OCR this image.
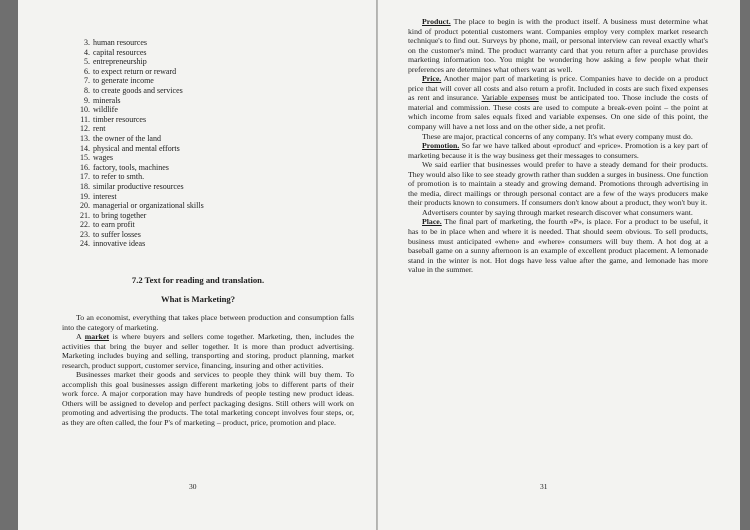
3. human resources
4. capital resources
5. entrepreneurship
6. to expect return or reward
7. to generate income
8. to create goods and services
9. minerals
10. wildlife
11. timber resources
12. rent
13. the owner of the land
14. physical and mental efforts
15. wages
16. factory, tools, machines
17. to refer to smth.
18. similar productive resources
19. interest
20. managerial or organizational skills
21. to bring together
22. to earn profit
23. to suffer losses
24. innovative ideas
7.2 Text for reading and translation.
What is Marketing?

To an economist, everything that takes place between production and consumption falls into the category of marketing.

A market is where buyers and sellers come together. Marketing, then, includes the activities that bring the buyer and seller together. It is more than product advertising. Marketing includes buying and selling, transporting and storing, product planning, market research, product support, customer service, financing, insuring and other activities.

Businesses market their goods and services to people they think will buy them. To accomplish this goal businesses assign different marketing jobs to different parts of their work force. A major corporation may have hundreds of people testing new product ideas. Others will be assigned to develop and perfect packaging designs. Still others will work on promoting and advertising the products. The total marketing concept involves four steps, or, as they are often called, the four P's of marketing – product, price, promotion and place.

30

Product. The place to begin is with the product itself. A business must determine what kind of product potential customers want. Companies employ very complex market research technique's to find out. Surveys by phone, mail, or personal interview can reveal exactly what's on the customer's mind. The product warranty card that you return after a purchase provides marketing information too. You might be wondering how asking a few people what their preferences are determines what others want as well.

Price. Another major part of marketing is price. Companies have to decide on a product price that will cover all costs and also return a profit. Included in costs are such fixed expenses as rent and insurance. Variable expenses must be anticipated too. Those include the costs of material and commission. These costs are used to compute a break-even point – the point at which income from sales equals fixed and variable expenses. On one side of this point, the company will have a net loss and on the other side, a net profit.

These are major, practical concerns of any company. It's what every company must do.

Promotion. So far we have talked about «product' and «price». Promotion is a key part of marketing because it is the way business get their messages to consumers.

We said earlier that businesses would prefer to have a steady demand for their products. They would also like to see steady growth rather than sudden a surges in business. One function of promotion is to maintain a steady and growing demand. Promotions through advertising in the media, direct mailings or through personal contact are a few of the ways producers make their products known to consumers. If consumers don't know about a product, they won't buy it.

Advertisers counter by saying through market research discover what consumers want.

Place. The final part of marketing, the fourth «P», is place. For a product to be useful, it has to be in place when and where it is needed. That should seem obvious. To sell products, business must anticipated «when» and «where» consumers will buy them. A hot dog at a baseball game on a sunny afternoon is an example of excellent product placement. A lemonade stand in the winter is not. Hot dogs have less value after the game, and lemonade has more value in the summer.

31
